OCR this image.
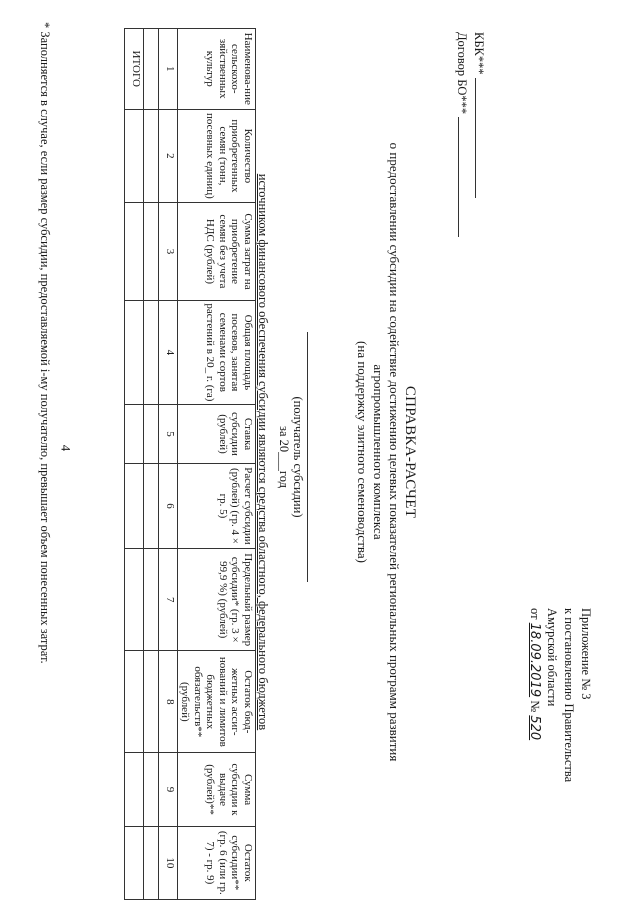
4
Приложение № 3
к постановлению Правительства
Амурской области
от 18.09.2019 № 520
КБК***
Договор БО***
СПРАВКА-РАСЧЕТ
о предоставлении субсидии на содействие достижению целевых показателей региональных программ развития
агропромышленного комплекса
(на поддержку элитного семеноводства)
(получатель субсидии)
за 20___год
источником финансового обеспечения субсидии являются средства областного, федерального бюджетов
Наименова-ние сельскохо-зяйственных культур	Количество приобретенных семян (тонн, посевных единиц)	Сумма затрат на приобретение семян без учета НДС (рублей)	Общая площадь посевов, занятая семенами сортов растений в 20_ г. (га)	Ставка субсидии (рублей)	Расчет субсидии (рублей) (гр. 4 × гр. 5)	Предельный размер субсидии* (гр. 3 × 99,9 %) (рублей)	Остаток бюд-жетных ассиг-нований и лимитов бюджетных обязательств** (рублей)	Сумма субсидии к выдаче (рублей)**	Остаток субсидии** (гр. 6 (или гр. 7) - гр. 9)
1	2	3	4	5	6	7	8	9	10

ИТОГО									
* Заполняется в случае, если размер субсидии, предоставляемой i-му получателю, превышает объем понесенных затрат.
